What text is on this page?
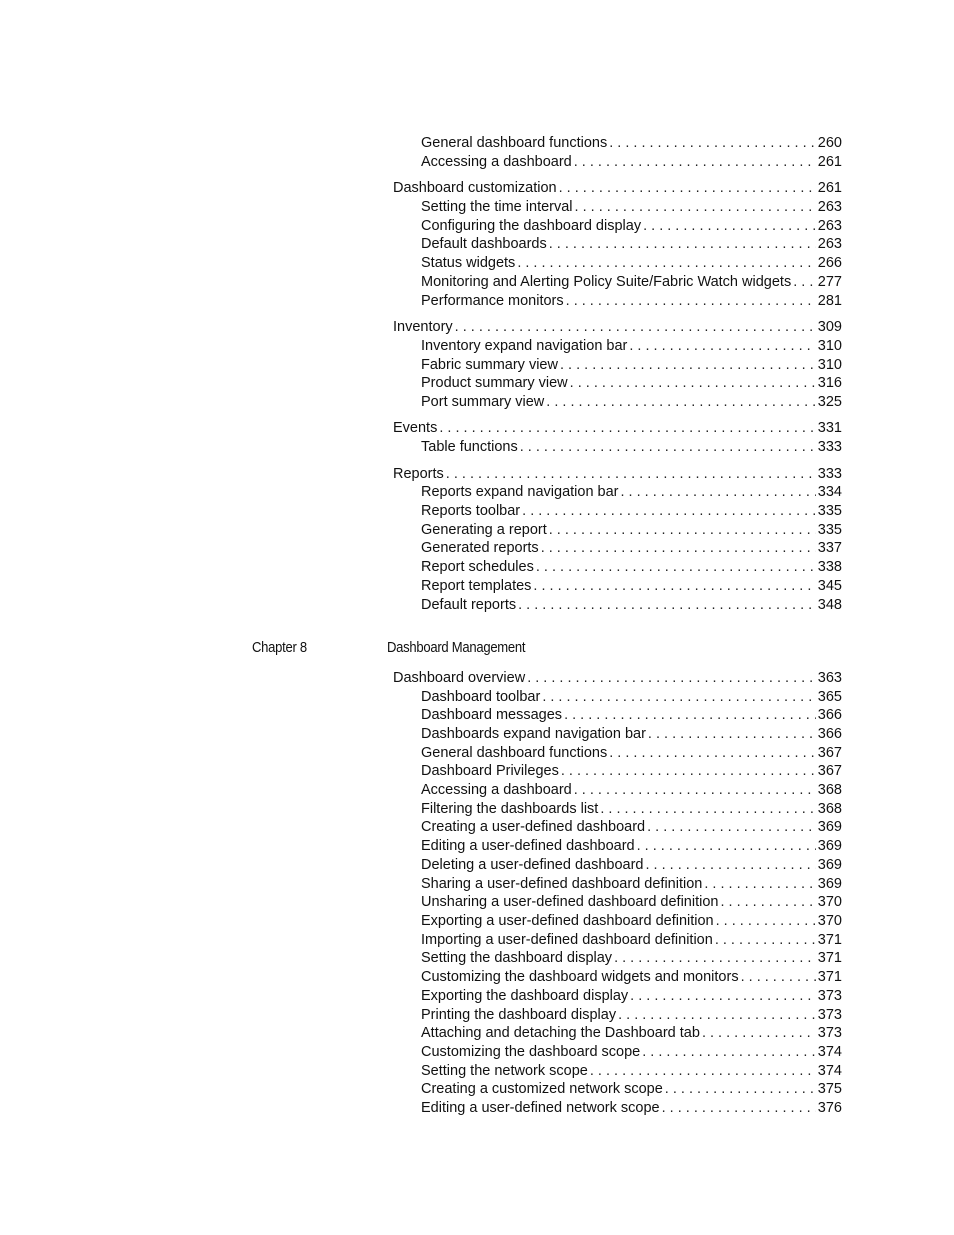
General dashboard functions . . .	260
Accessing a dashboard . . .	261
Dashboard customization . . .	261
Setting the time interval . . .	263
Configuring the dashboard display . . .	263
Default dashboards . . .	263
Status widgets . . .	266
Monitoring and Alerting Policy Suite/Fabric Watch widgets . . . 277
Performance monitors . . .	281
Inventory . . .	309
Inventory expand navigation bar . . .	310
Fabric summary view . . .	310
Product summary view . . .	316
Port summary view . . .	325
Events . . .	331
Table functions . . .	333
Reports . . .	333
Reports expand navigation bar . . .	334
Reports toolbar . . .	335
Generating a report . . .	335
Generated reports . . .	337
Report schedules . . .	338
Report templates . . .	345
Default reports . . .	348
Chapter 8	Dashboard Management
Dashboard overview . . .	363
Dashboard toolbar . . .	365
Dashboard messages . . .	366
Dashboards expand navigation bar . . .	366
General dashboard functions . . .	367
Dashboard Privileges . . .	367
Accessing a dashboard . . .	368
Filtering the dashboards list . . .	368
Creating a user-defined dashboard . . .	369
Editing a user-defined dashboard . . .	369
Deleting a user-defined dashboard . . .	369
Sharing a user-defined dashboard definition . . .	369
Unsharing a user-defined dashboard definition . . .	370
Exporting a user-defined dashboard definition . . .	370
Importing a user-defined dashboard definition . . .	371
Setting the dashboard display . . .	371
Customizing the dashboard widgets and monitors . . .	371
Exporting the dashboard display . . .	373
Printing the dashboard display . . .	373
Attaching and detaching the Dashboard tab . . .	373
Customizing the dashboard scope . . .	374
Setting the network scope . . .	374
Creating a customized network scope . . .	375
Editing a user-defined network scope . . .	376
